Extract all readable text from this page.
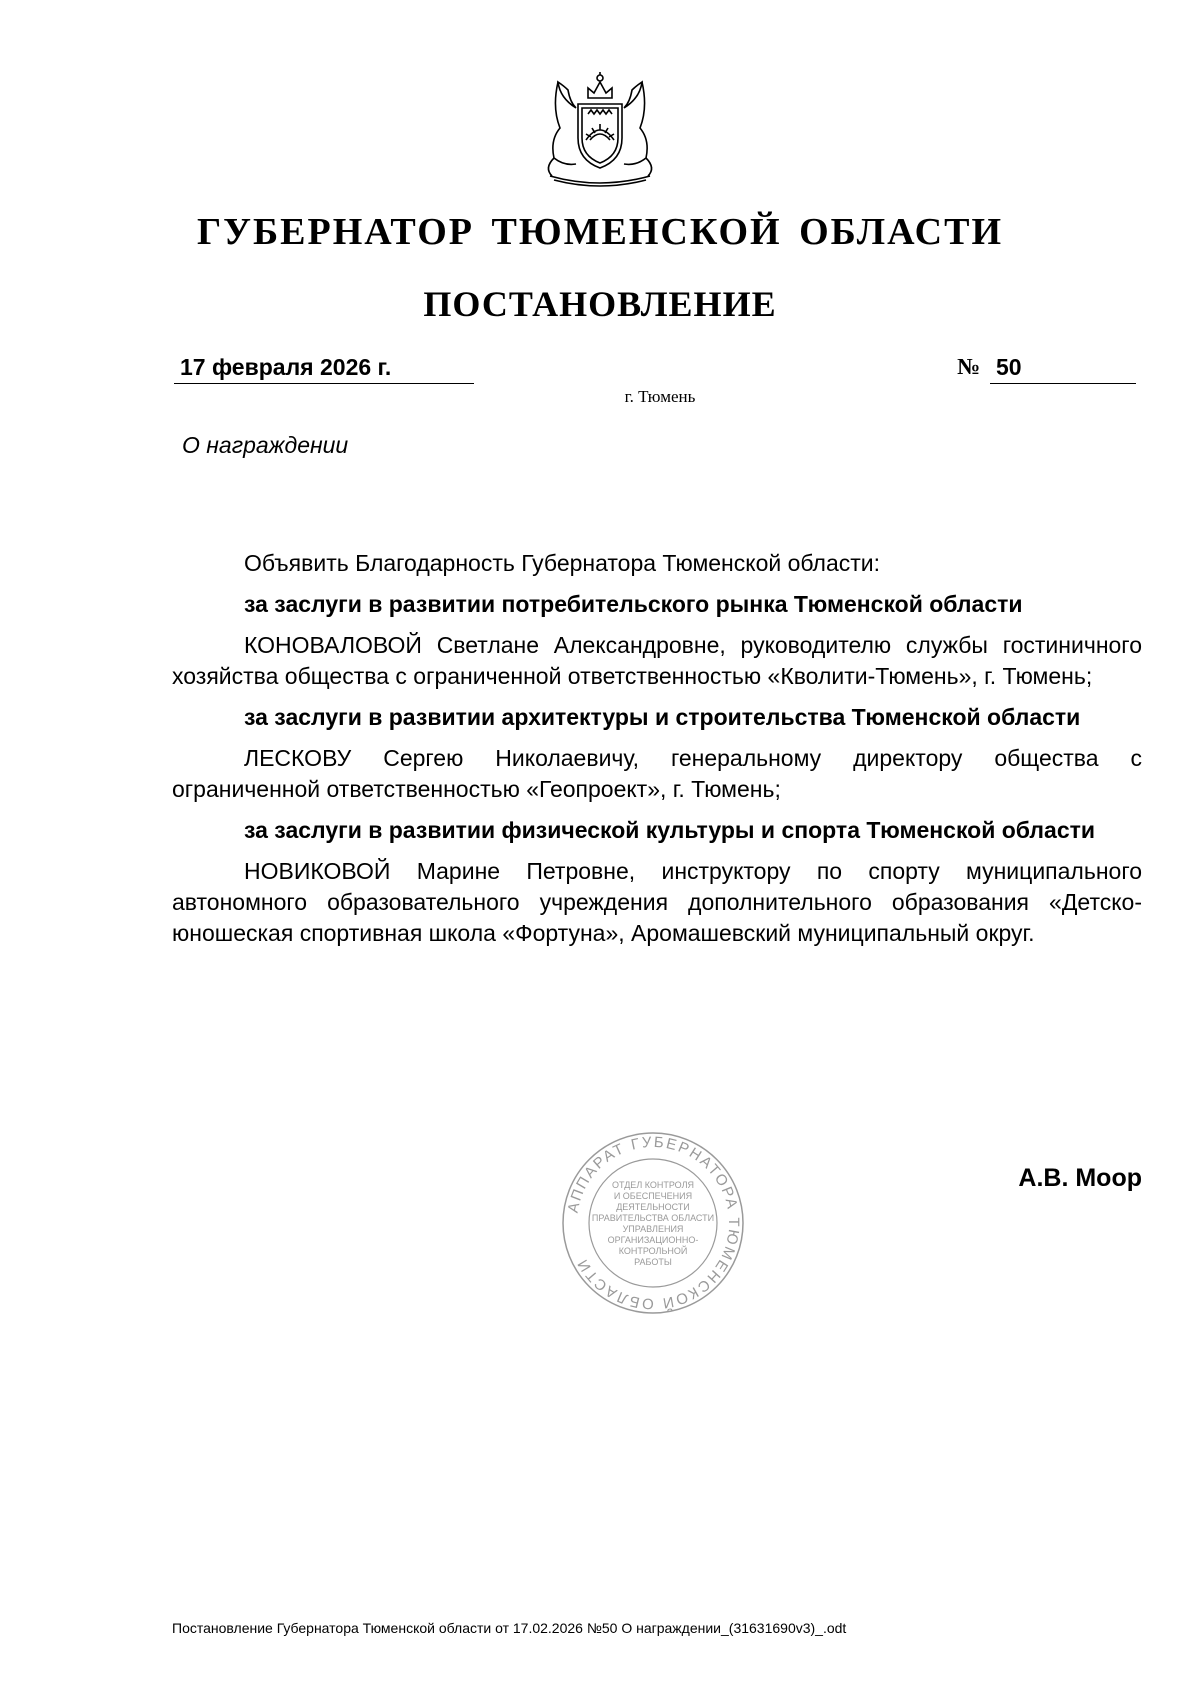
ГУБЕРНАТОР ТЮМЕНСКОЙ ОБЛАСТИ
ПОСТАНОВЛЕНИЕ
17 февраля 2026 г.	№ 50
г. Тюмень
О награждении

Объявить Благодарность Губернатора Тюменской области:

за заслуги в развитии потребительского рынка Тюменской области

КОНОВАЛОВОЙ Светлане Александровне, руководителю службы гостиничного хозяйства общества с ограниченной ответственностью «Кволити-Тюмень», г. Тюмень;

за заслуги в развитии архитектуры и строительства Тюменской области

ЛЕСКОВУ Сергею Николаевичу, генеральному директору общества с ограниченной ответственностью «Геопроект», г. Тюмень;

за заслуги в развитии физической культуры и спорта Тюменской области

НОВИКОВОЙ Марине Петровне, инструктору по спорту муниципального автономного образовательного учреждения дополнительного образования «Детско-юношеская спортивная школа «Фортуна», Аромашевский муниципальный округ.

АППАРАТ ГУБЕРНАТОРА ТЮМЕНСКОЙ ОБЛАСТИ
ОТДЕЛ КОНТРОЛЯ
И ОБЕСПЕЧЕНИЯ
ДЕЯТЕЛЬНОСТИ
ПРАВИТЕЛЬСТВА ОБЛАСТИ
УПРАВЛЕНИЯ
ОРГАНИЗАЦИОННО-
КОНТРОЛЬНОЙ
РАБОТЫ
А.В. Моор
Постановление Губернатора Тюменской области от 17.02.2026 №50 О награждении_(31631690v3)_.odt
